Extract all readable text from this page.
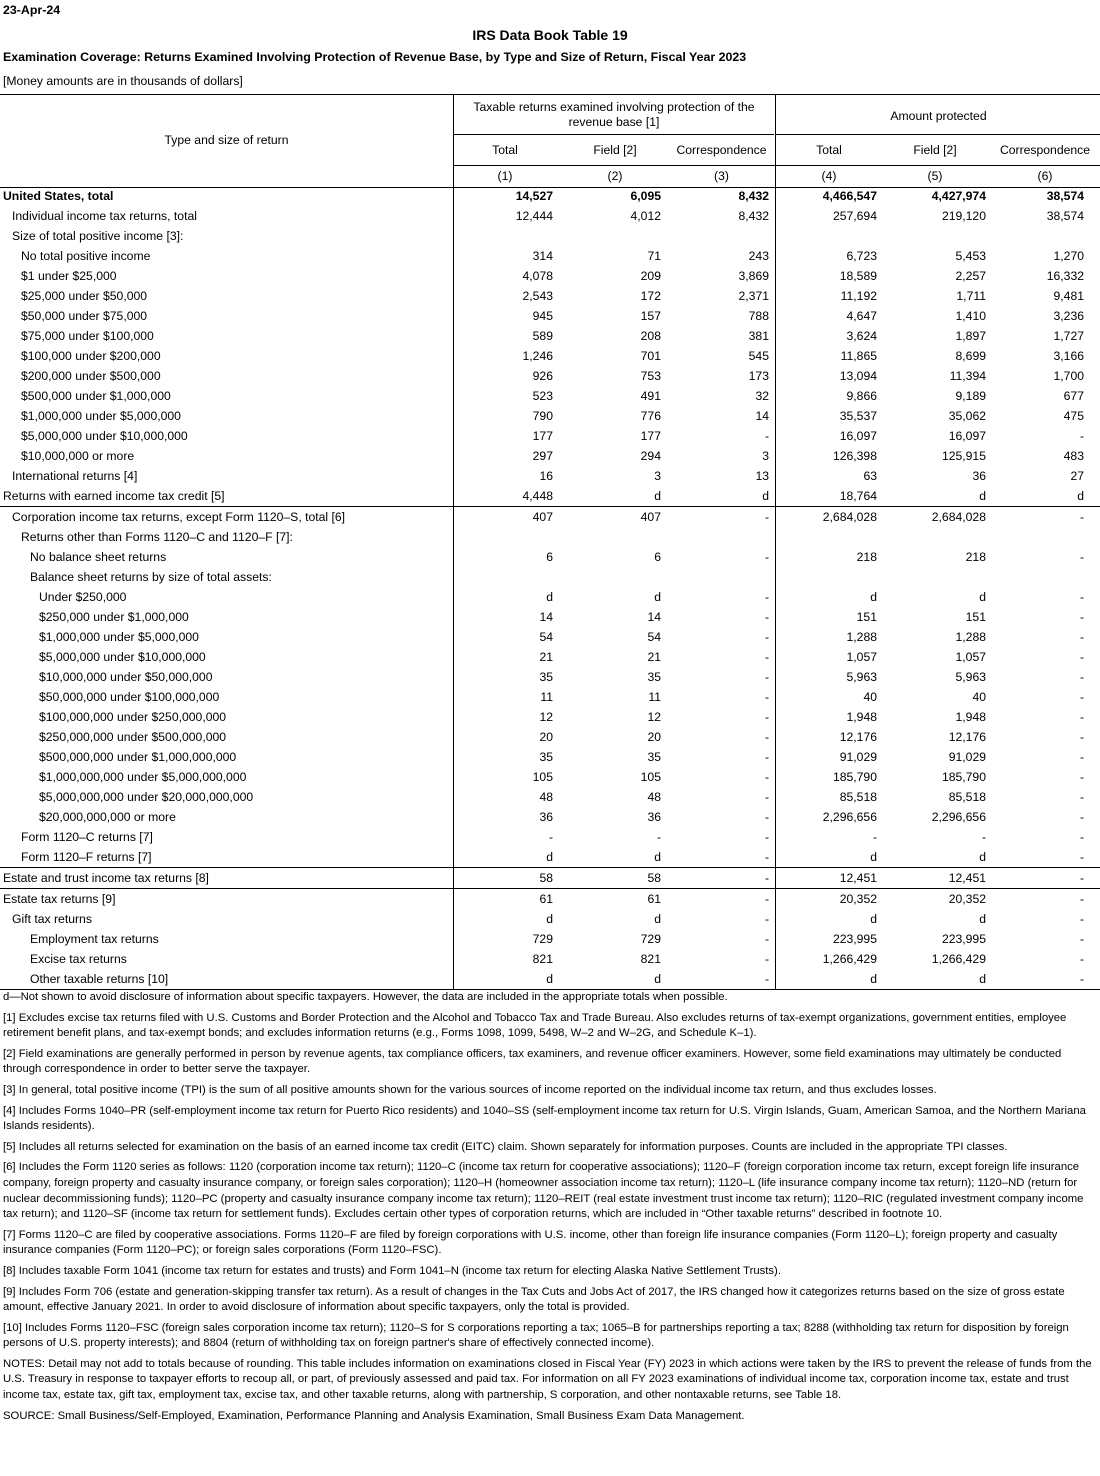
23-Apr-24
IRS Data Book Table 19
Examination Coverage: Returns Examined Involving Protection of Revenue Base, by Type and Size of Return, Fiscal Year 2023
[Money amounts are in thousands of dollars]
Type and size of return
Taxable returns examined involving protection of the revenue base [1]	Amount protected
Total	Field [2]	Correspondence	Total	Field [2]	Correspondence
(1)	(2)	(3)	(4)	(5)	(6)
United States, total	14,527	6,095	8,432	4,466,547	4,427,974	38,574
Individual income tax returns, total	12,444	4,012	8,432	257,694	219,120	38,574
Size of total positive income [3]:
No total positive income	314	71	243	6,723	5,453	1,270
$1 under $25,000	4,078	209	3,869	18,589	2,257	16,332
$25,000 under $50,000	2,543	172	2,371	11,192	1,711	9,481
$50,000 under $75,000	945	157	788	4,647	1,410	3,236
$75,000 under $100,000	589	208	381	3,624	1,897	1,727
$100,000 under $200,000	1,246	701	545	11,865	8,699	3,166
$200,000 under $500,000	926	753	173	13,094	11,394	1,700
$500,000 under $1,000,000	523	491	32	9,866	9,189	677
$1,000,000 under $5,000,000	790	776	14	35,537	35,062	475
$5,000,000 under $10,000,000	177	177	-	16,097	16,097	-
$10,000,000 or more	297	294	3	126,398	125,915	483
International returns [4]	16	3	13	63	36	27
Returns with earned income tax credit [5]	4,448	d	d	18,764	d	d
Corporation income tax returns, except Form 1120–S, total [6]	407	407	-	2,684,028	2,684,028	-
Returns other than Forms 1120–C and 1120–F [7]:
No balance sheet returns	6	6	-	218	218	-
Balance sheet returns by size of total assets:
Under $250,000	d	d	-	d	d	-
$250,000 under $1,000,000	14	14	-	151	151	-
$1,000,000 under $5,000,000	54	54	-	1,288	1,288	-
$5,000,000 under $10,000,000	21	21	-	1,057	1,057	-
$10,000,000 under $50,000,000	35	35	-	5,963	5,963	-
$50,000,000 under $100,000,000	11	11	-	40	40	-
$100,000,000 under $250,000,000	12	12	-	1,948	1,948	-
$250,000,000 under $500,000,000	20	20	-	12,176	12,176	-
$500,000,000 under $1,000,000,000	35	35	-	91,029	91,029	-
$1,000,000,000 under $5,000,000,000	105	105	-	185,790	185,790	-
$5,000,000,000 under $20,000,000,000	48	48	-	85,518	85,518	-
$20,000,000,000 or more	36	36	-	2,296,656	2,296,656	-
Form 1120–C returns [7]	-	-	-	-	-	-
Form 1120–F returns [7]	d	d	-	d	d	-
Estate and trust income tax returns [8]	58	58	-	12,451	12,451	-
Estate tax returns [9]	61	61	-	20,352	20,352	-
Gift tax returns	d	d	-	d	d	-
Employment tax returns	729	729	-	223,995	223,995	-
Excise tax returns	821	821	-	1,266,429	1,266,429	-
Other taxable returns [10]	d	d	-	d	d	-

d—Not shown to avoid disclosure of information about specific taxpayers. However, the data are included in the appropriate totals when possible.

[1] Excludes excise tax returns filed with U.S. Customs and Border Protection and the Alcohol and Tobacco Tax and Trade Bureau. Also excludes returns of tax-exempt organizations, government entities, employee retirement benefit plans, and tax-exempt bonds; and excludes information returns (e.g., Forms 1098, 1099, 5498, W–2 and W–2G, and Schedule K–1).

[2] Field examinations are generally performed in person by revenue agents, tax compliance officers, tax examiners, and revenue officer examiners. However, some field examinations may ultimately be conducted through correspondence in order to better serve the taxpayer.

[3] In general, total positive income (TPI) is the sum of all positive amounts shown for the various sources of income reported on the individual income tax return, and thus excludes losses.

[4] Includes Forms 1040–PR (self-employment income tax return for Puerto Rico residents) and 1040–SS (self-employment income tax return for U.S. Virgin Islands, Guam, American Samoa, and the Northern Mariana Islands residents).

[5] Includes all returns selected for examination on the basis of an earned income tax credit (EITC) claim. Shown separately for information purposes. Counts are included in the appropriate TPI classes.

[6] Includes the Form 1120 series as follows: 1120 (corporation income tax return); 1120–C (income tax return for cooperative associations); 1120–F (foreign corporation income tax return, except foreign life insurance company, foreign property and casualty insurance company, or foreign sales corporation); 1120–H (homeowner association income tax return); 1120–L (life insurance company income tax return); 1120–ND (return for nuclear decommissioning funds); 1120–PC (property and casualty insurance company income tax return); 1120–REIT (real estate investment trust income tax return); 1120–RIC (regulated investment company income tax return); and 1120–SF (income tax return for settlement funds). Excludes certain other types of corporation returns, which are included in “Other taxable returns” described in footnote 10.

[7] Forms 1120–C are filed by cooperative associations. Forms 1120–F are filed by foreign corporations with U.S. income, other than foreign life insurance companies (Form 1120–L); foreign property and casualty insurance companies (Form 1120–PC); or foreign sales corporations (Form 1120–FSC).

[8] Includes taxable Form 1041 (income tax return for estates and trusts) and Form 1041–N (income tax return for electing Alaska Native Settlement Trusts).

[9] Includes Form 706 (estate and generation-skipping transfer tax return). As a result of changes in the Tax Cuts and Jobs Act of 2017, the IRS changed how it categorizes returns based on the size of gross estate amount, effective January 2021. In order to avoid disclosure of information about specific taxpayers, only the total is provided.

[10] Includes Forms 1120–FSC (foreign sales corporation income tax return); 1120–S for S corporations reporting a tax; 1065–B for partnerships reporting a tax; 8288 (withholding tax return for disposition by foreign persons of U.S. property interests); and 8804 (return of withholding tax on foreign partner's share of effectively connected income).

NOTES: Detail may not add to totals because of rounding. This table includes information on examinations closed in Fiscal Year (FY) 2023 in which actions were taken by the IRS to prevent the release of funds from the U.S. Treasury in response to taxpayer efforts to recoup all, or part, of previously assessed and paid tax. For information on all FY 2023 examinations of individual income tax, corporation income tax, estate and trust income tax, estate tax, gift tax, employment tax, excise tax, and other taxable returns, along with partnership, S corporation, and other nontaxable returns, see Table 18.

SOURCE: Small Business/Self-Employed, Examination, Performance Planning and Analysis Examination, Small Business Exam Data Management.
